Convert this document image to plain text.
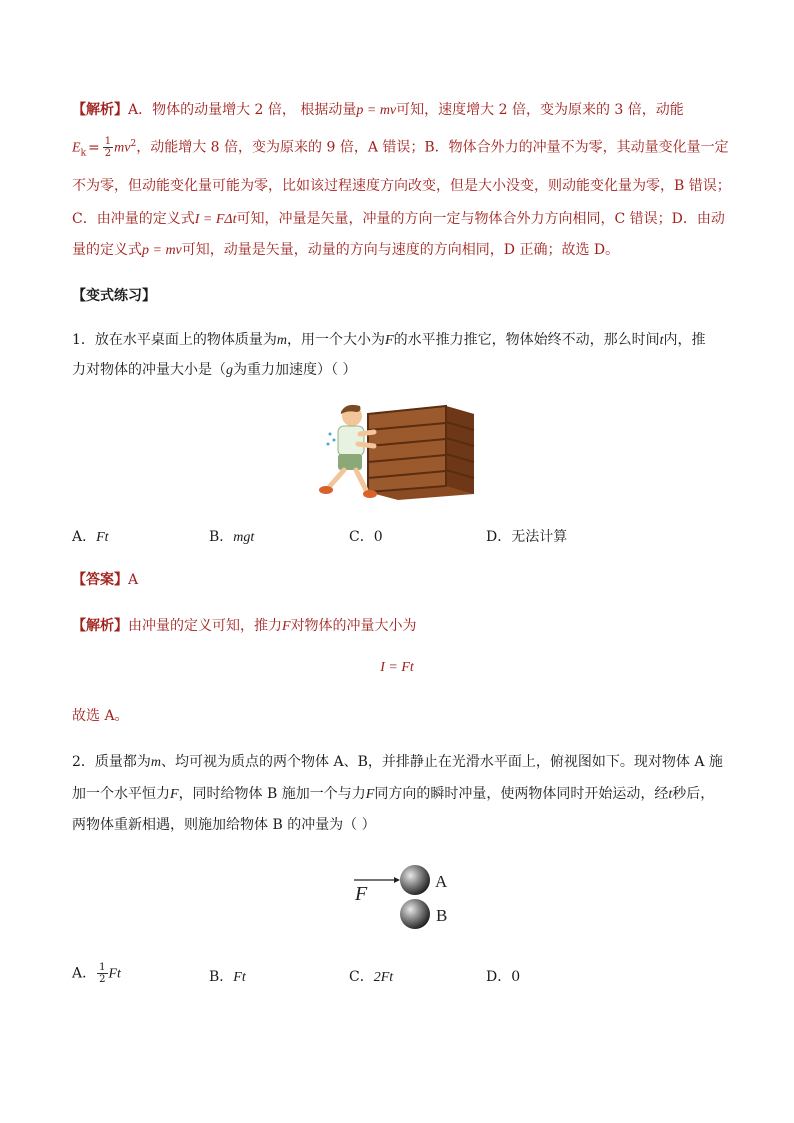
【解析】A．物体的动量增大 2 倍， 根据动量p = mv可知，速度增大 2 倍，变为原来的 3 倍，动能
$E_k = \frac{1}{2} mv^2$，动能增大 8 倍，变为原来的 9 倍，A 错误；B．物体合外力的冲量不为零，其动量变化量一定
不为零，但动能变化量可能为零，比如该过程速度方向改变，但是大小没变，则动能变化量为零，B 错误；
C．由冲量的定义式I = FΔt可知，冲量是矢量，冲量的方向一定与物体合外力方向相同，C 错误；D．由动
量的定义式p = mv可知，动量是矢量，动量的方向与速度的方向相同，D 正确；故选 D。
【变式练习】
1．放在水平桌面上的物体质量为m，用一个大小为F的水平推力推它，物体始终不动，那么时间t内，推
力对物体的冲量大小是（g为重力加速度）（ ）
A．Ft	B．mgt	C．0	D．无法计算
【答案】A
【解析】由冲量的定义可知，推力F对物体的冲量大小为
I = Ft
故选 A。
2．质量都为m、均可视为质点的两个物体 A、B，并排静止在光滑水平面上，俯视图如下。现对物体 A 施
加一个水平恒力F，同时给物体 B 施加一个与力F同方向的瞬时冲量，使两物体同时开始运动，经t秒后，
两物体重新相遇，则施加给物体 B 的冲量为（ ）
F
A
B
A． $\frac{1}{2}$ Ft	B．Ft	C．2Ft	D．0
